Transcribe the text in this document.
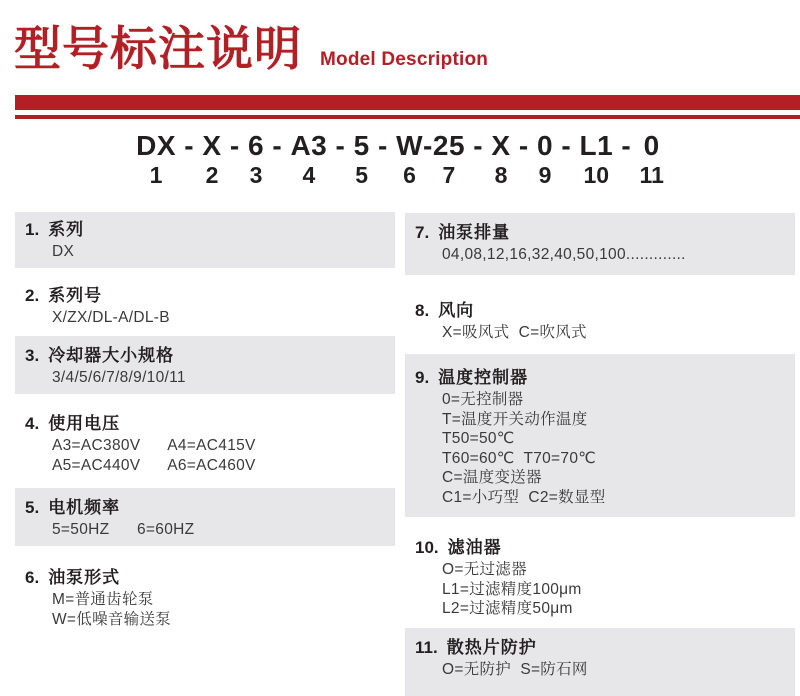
型号标注说明 Model Description
DX
1
-
X
2
-
6
3
-
A3
4
-
5
5
-
W
6
-
25
7
-
X
8
-
0
9
-
L1
10
-
0
11
1. 系列
DX
2. 系列号
X/ZX/DL-A/DL-B
3. 冷却器大小规格
3/4/5/6/7/8/9/10/11
4. 使用电压
A3=AC380V      A4=AC415V
A5=AC440V      A6=AC460V
5. 电机频率
5=50HZ      6=60HZ
6. 油泵形式
M=普通齿轮泵
W=低噪音输送泵
7. 油泵排量
04,08,12,16,32,40,50,100.............
8. 风向
X=吸风式  C=吹风式
9. 温度控制器
0=无控制器
T=温度开关动作温度
T50=50℃
T60=60℃  T70=70℃
C=温度变送器
C1=小巧型  C2=数显型
10. 滤油器
O=无过滤器
L1=过滤精度100μm
L2=过滤精度50μm
11. 散热片防护
O=无防护  S=防石网
